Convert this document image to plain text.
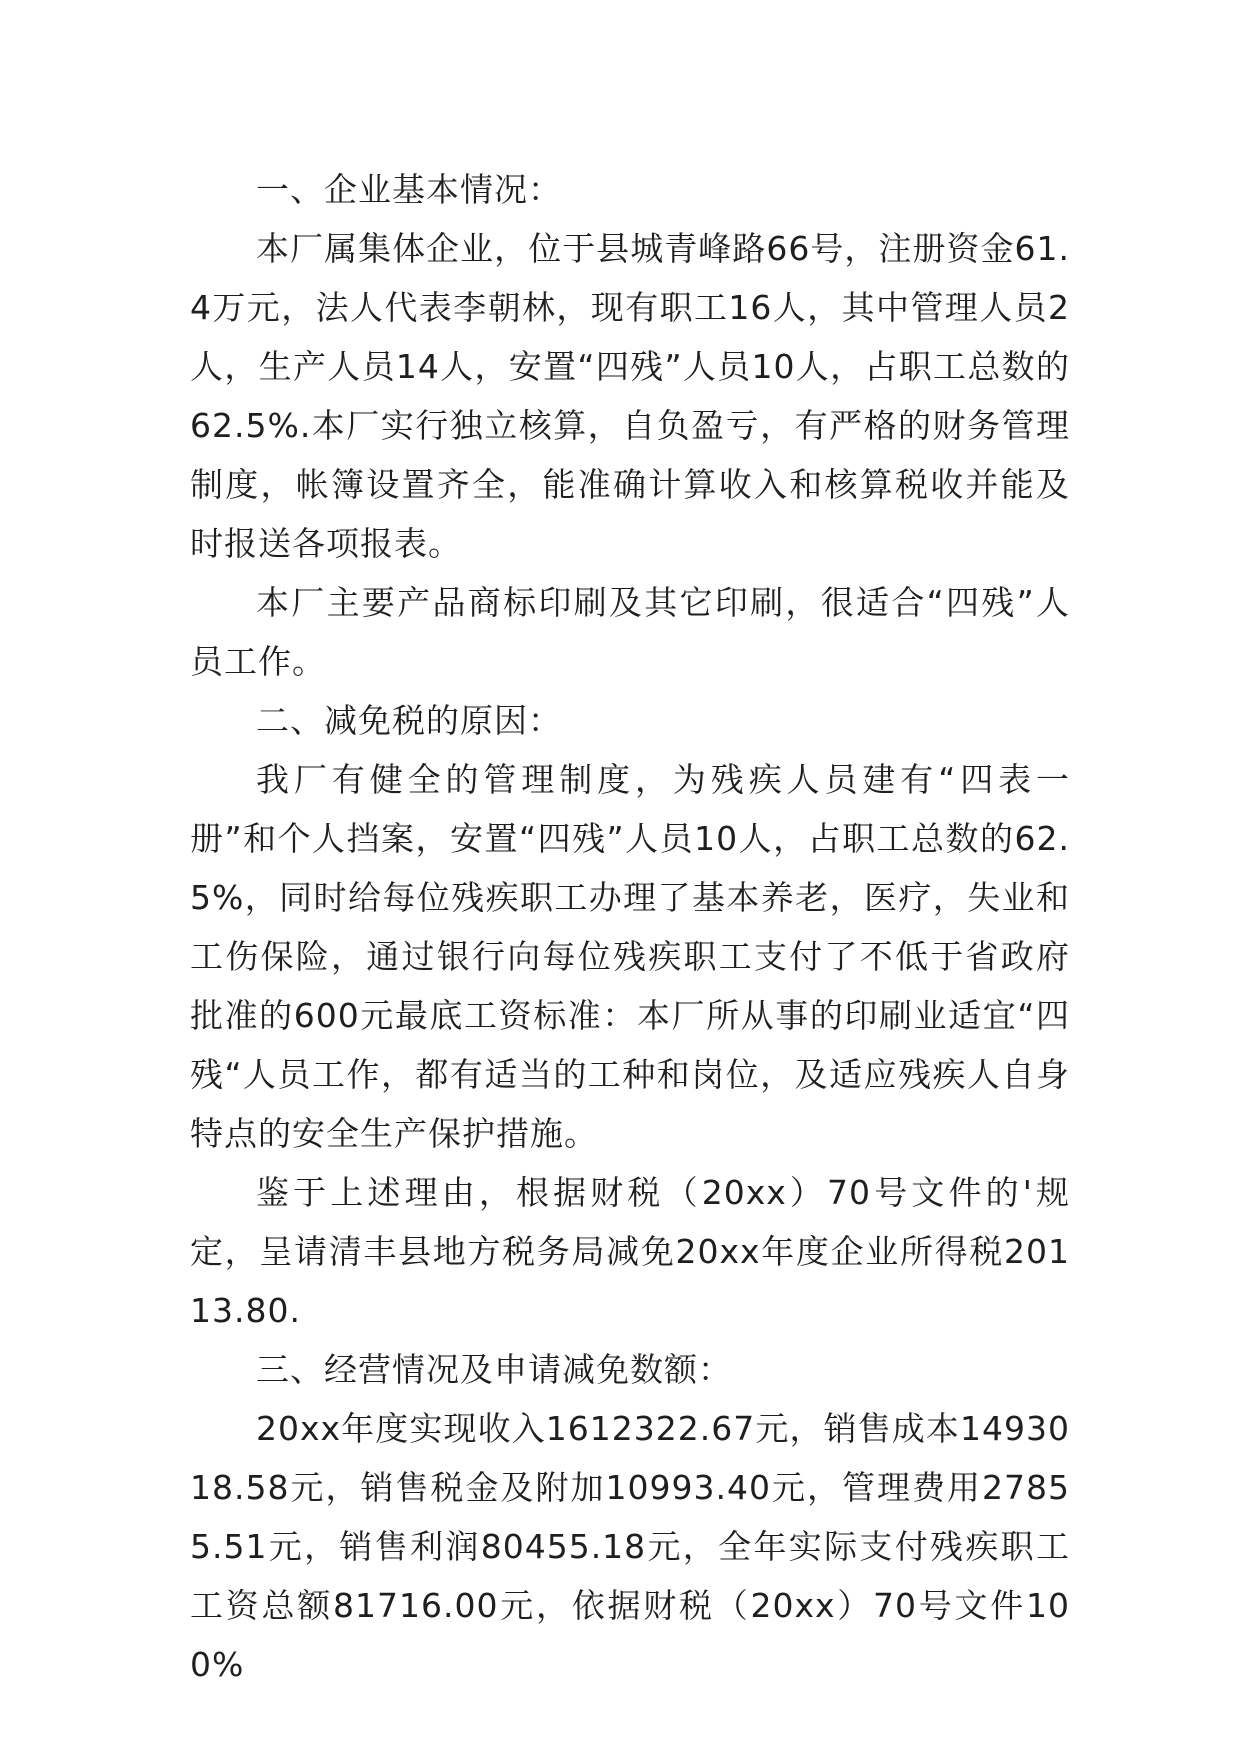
一、企业基本情况：

本厂属集体企业，位于县城青峰路66号，注册资金61.4万元，法人代表李朝林，现有职工16人，其中管理人员2人，生产人员14人，安置“四残”人员10人，占职工总数的62.5%.本厂实行独立核算，自负盈亏，有严格的财务管理制度，帐簿设置齐全，能准确计算收入和核算税收并能及时报送各项报表。

本厂主要产品商标印刷及其它印刷，很适合“四残”人员工作。

二、减免税的原因：

我厂有健全的管理制度，为残疾人员建有“四表一册”和个人挡案，安置“四残”人员10人，占职工总数的62.5%，同时给每位残疾职工办理了基本养老，医疗，失业和工伤保险，通过银行向每位残疾职工支付了不低于省政府批准的600元最底工资标准：本厂所从事的印刷业适宜“四残“人员工作，都有适当的工种和岗位，及适应残疾人自身特点的安全生产保护措施。

鉴于上述理由，根据财税（20xx）70号文件的'规定，呈请清丰县地方税务局减免20xx年度企业所得税20113.80.

三、经营情况及申请减免数额：

20xx年度实现收入1612322.67元，销售成本1493018.58元，销售税金及附加10993.40元，管理费用27855.51元，销售利润80455.18元，全年实际支付残疾职工工资总额81716.00元，依据财税（20xx）70号文件100%
